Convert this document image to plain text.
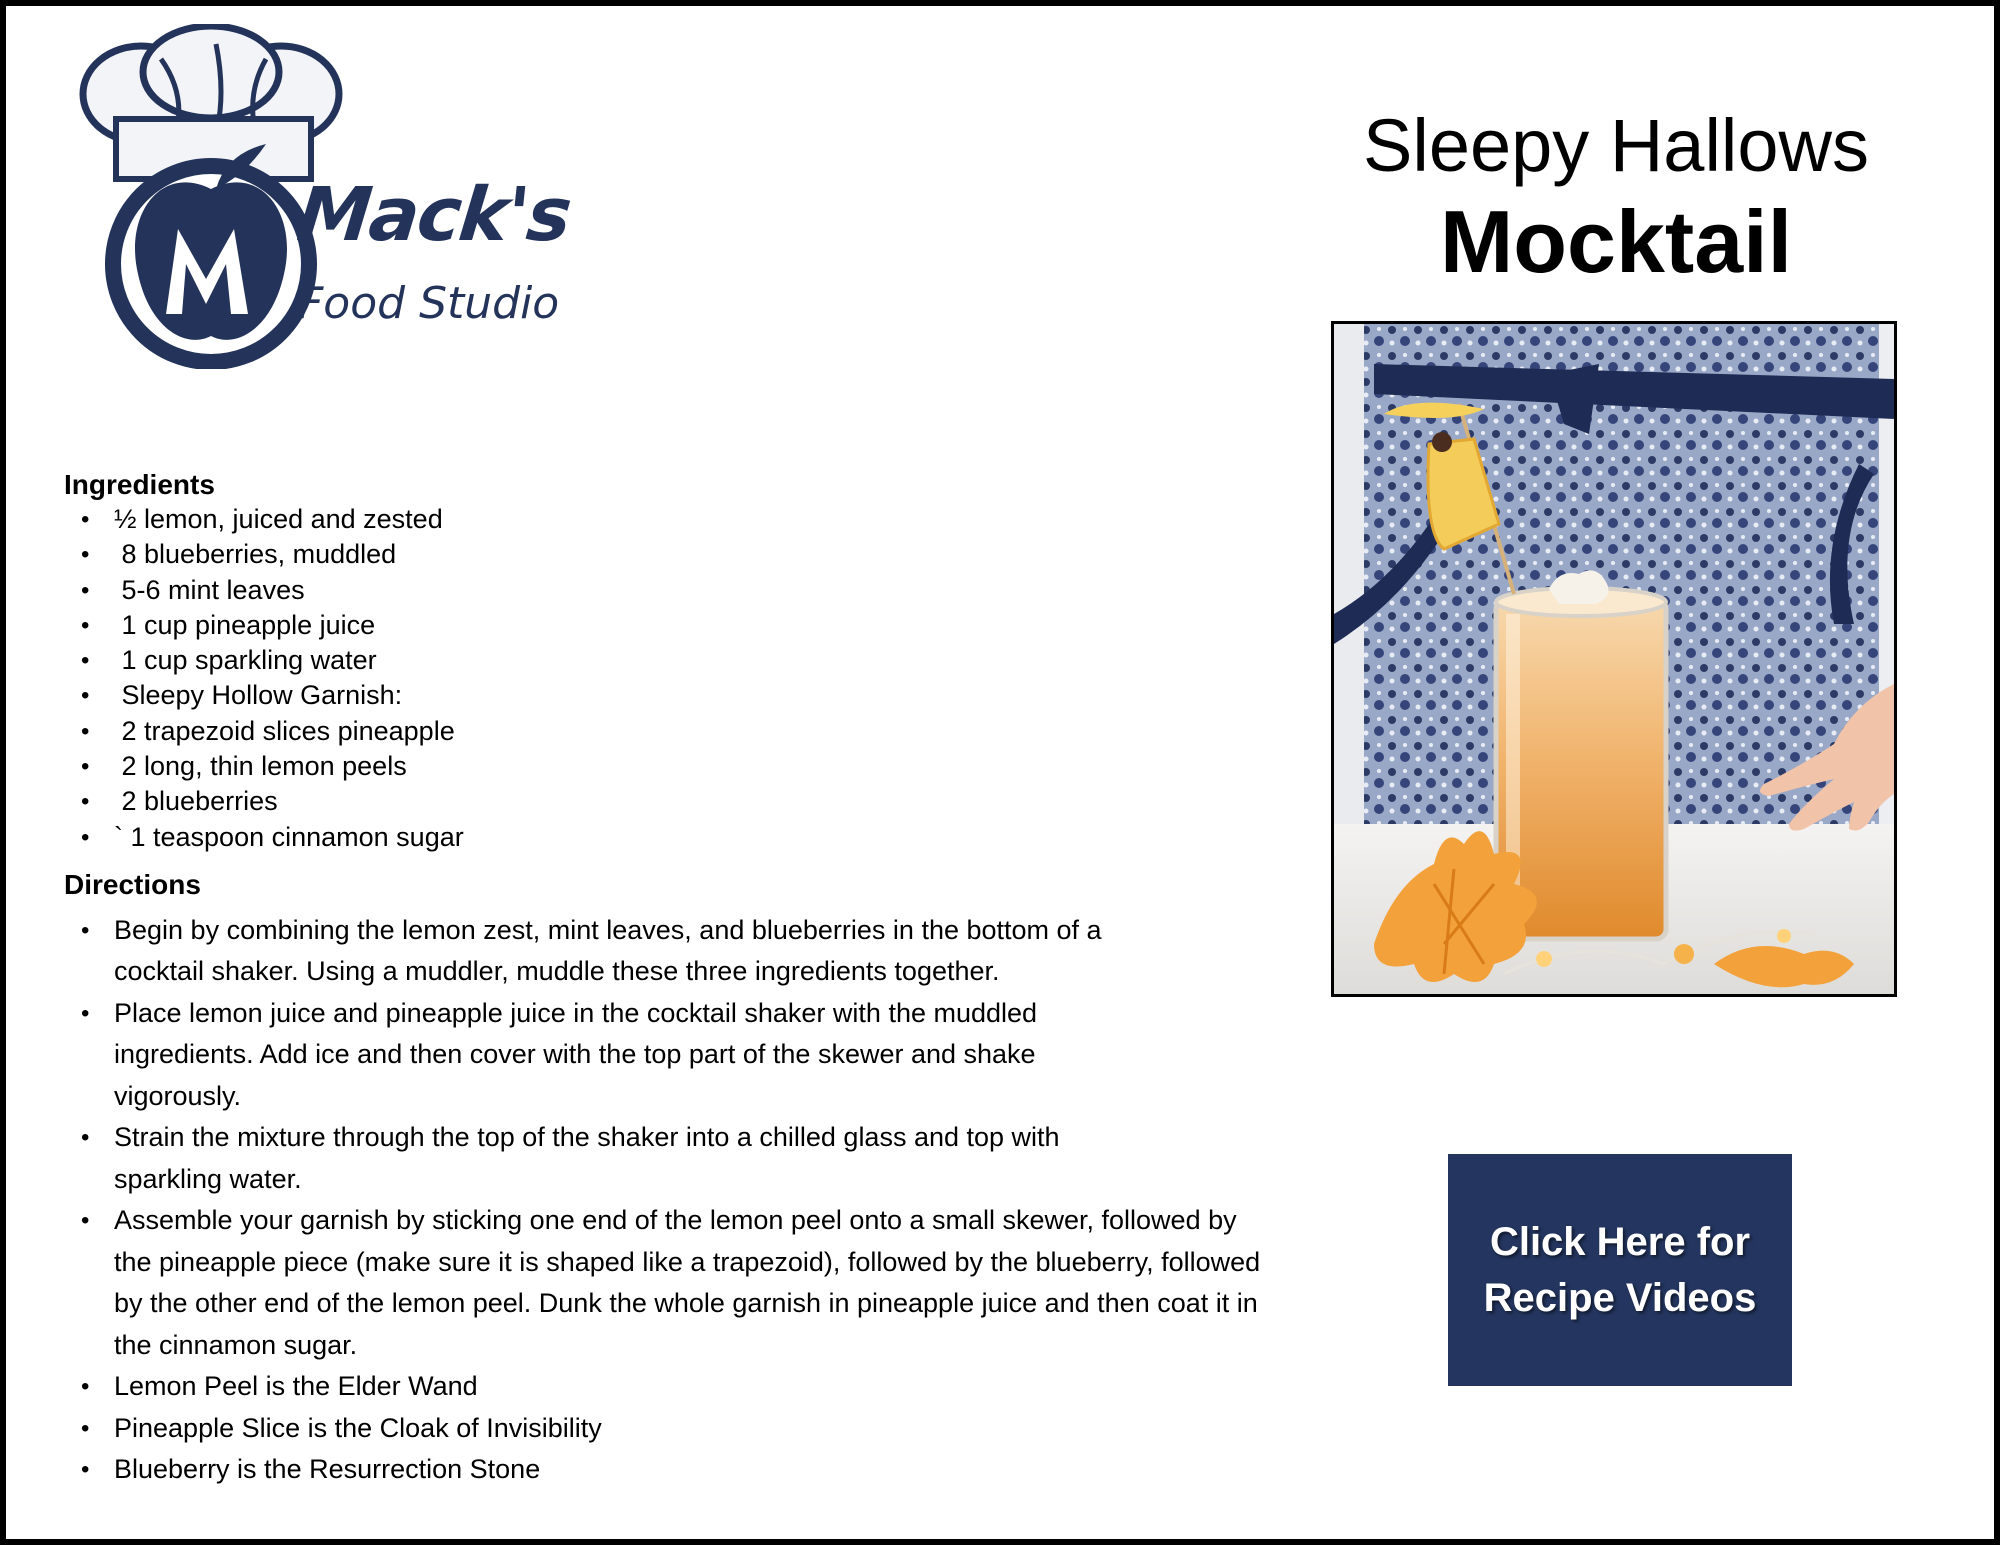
Mack's
Food Studio
Sleepy Hallows
Mocktail
Click Here for
Recipe Videos
Ingredients
• ½ lemon, juiced and zested
•  8 blueberries, muddled
•  5-6 mint leaves
•  1 cup pineapple juice
•  1 cup sparkling water
•  Sleepy Hollow Garnish:
•  2 trapezoid slices pineapple
•  2 long, thin lemon peels
•  2 blueberries
• ` 1 teaspoon cinnamon sugar
Directions
• Begin by combining the lemon zest, mint leaves, and blueberries in the bottom of a cocktail shaker. Using a muddler, muddle these three ingredients together.
• Place lemon juice and pineapple juice in the cocktail shaker with the muddled ingredients. Add ice and then cover with the top part of the skewer and shake vigorously.
• Strain the mixture through the top of the shaker into a chilled glass and top with sparkling water.
• Assemble your garnish by sticking one end of the lemon peel onto a small skewer, followed by the pineapple piece (make sure it is shaped like a trapezoid), followed by the blueberry, followed by the other end of the lemon peel. Dunk the whole garnish in pineapple juice and then coat it in the cinnamon sugar.
• Lemon Peel is the Elder Wand
• Pineapple Slice is the Cloak of Invisibility
• Blueberry is the Resurrection Stone
